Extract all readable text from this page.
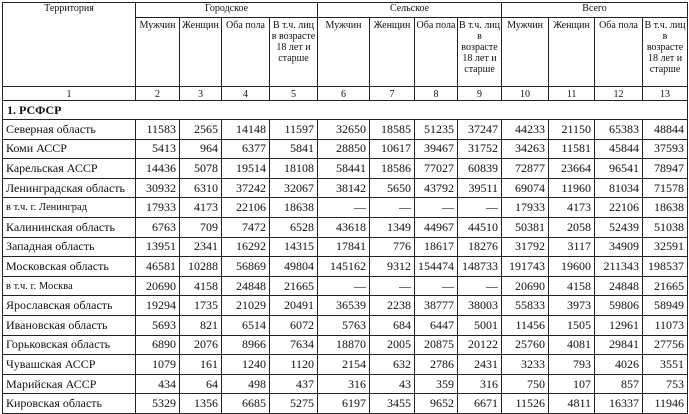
Территория	Городское				Сельское				Всего			
	Мужчин	Женщин	Оба пола	В т.ч. лиц в возрасте 18 лет и старше	Мужчин	Женщин	Оба пола	В т.ч. лиц в возрасте 18 лет и старше	Мужчин	Женщин	Оба пола	В т.ч. лиц в возрасте 18 лет и старше
1	2	3	4	5	6	7	8	9	10	11	12	13
1. РСФСР												
Северная область	11583	2565	14148	11597	32650	18585	51235	37247	44233	21150	65383	48844
Коми АССР	5413	964	6377	5841	28850	10617	39467	31752	34263	11581	45844	37593
Карельская АССР	14436	5078	19514	18108	58441	18586	77027	60839	72877	23664	96541	78947
Ленинградская область	30932	6310	37242	32067	38142	5650	43792	39511	69074	11960	81034	71578
в т.ч. г. Ленинград	17933	4173	22106	18638	—	—	—	—	17933	4173	22106	18638
Калининская область	6763	709	7472	6528	43618	1349	44967	44510	50381	2058	52439	51038
Западная область	13951	2341	16292	14315	17841	776	18617	18276	31792	3117	34909	32591
Московская область	46581	10288	56869	49804	145162	9312	154474	148733	191743	19600	211343	198537
в т.ч. г. Москва	20690	4158	24848	21665	—	—	—	—	20690	4158	24848	21665
Ярославская область	19294	1735	21029	20491	36539	2238	38777	38003	55833	3973	59806	58949
Ивановская область	5693	821	6514	6072	5763	684	6447	5001	11456	1505	12961	11073
Горьковская область	6890	2076	8966	7634	18870	2005	20875	20122	25760	4081	29841	27756
Чувашская АССР	1079	161	1240	1120	2154	632	2786	2431	3233	793	4026	3551
Марийская АССР	434	64	498	437	316	43	359	316	750	107	857	753
Кировская область	5329	1356	6685	5275	6197	3455	9652	6671	11526	4811	16337	11946
